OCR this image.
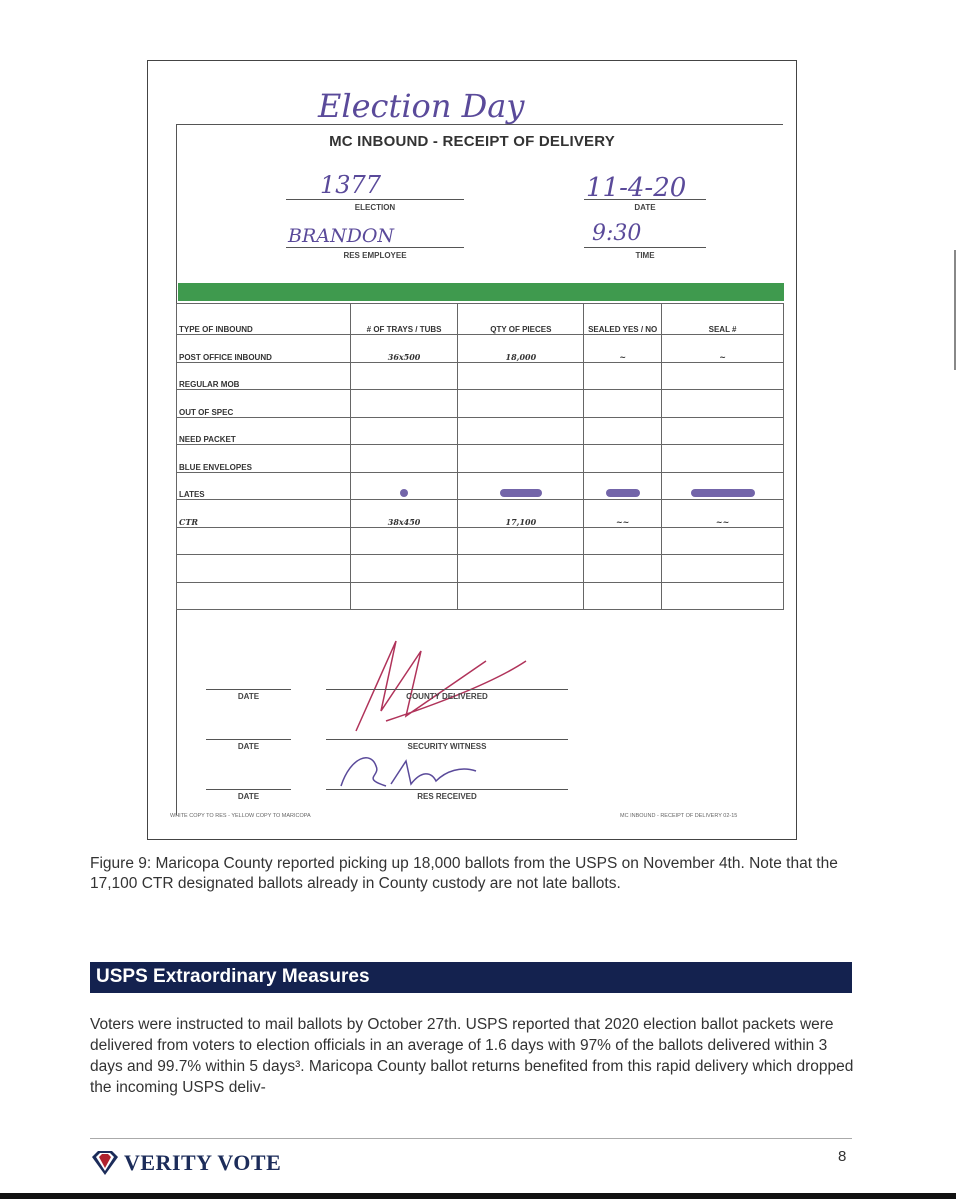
Election Day
MC INBOUND - RECEIPT OF DELIVERY
1377
ELECTION
11-4-20
DATE
BRANDON
RES EMPLOYEE
9:30
TIME
TYPE OF INBOUND	# OF TRAYS / TUBS	QTY OF PIECES	SEALED YES / NO	SEAL #
POST OFFICE INBOUND	36x500	18,000	~	~
REGULAR MOB				
OUT OF SPEC				
NEED PACKET				
BLUE ENVELOPES				
LATES				
CTR	38x450	17,100	~~	~~

DATE	COUNTY DELIVERED
DATE	SECURITY WITNESS
DATE	RES RECEIVED
WHITE COPY TO RES - YELLOW COPY TO MARICOPA	MC INBOUND - RECEIPT OF DELIVERY 02-15
Figure 9: Maricopa County reported picking up 18,000 ballots from the USPS on November 4th. Note that the 17,100 CTR designated ballots already in County custody are not late ballots.
USPS Extraordinary Measures
Voters were instructed to mail ballots by October 27th. USPS reported that 2020 election ballot packets were delivered from voters to election officials in an average of 1.6 days with 97% of the ballots delivered within 3 days and 99.7% within 5 days³. Maricopa County ballot returns benefited from this rapid delivery which dropped the incoming USPS deliv-
VERITY VOTE	8
